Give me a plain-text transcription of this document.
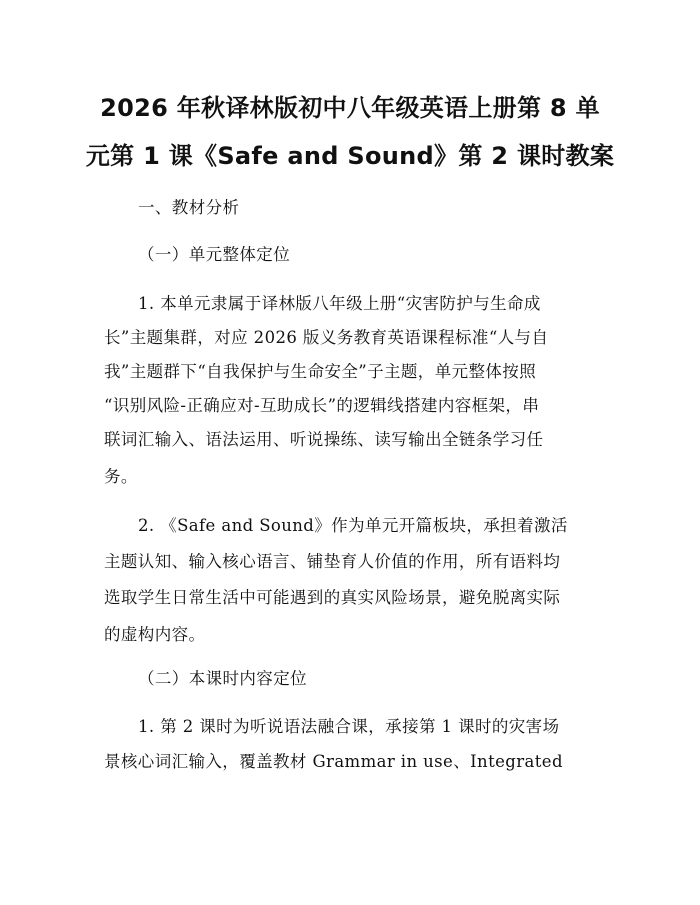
2026 年秋译林版初中八年级英语上册第 8 单
元第 1 课《Safe and Sound》第 2 课时教案
一、教材分析
（一）单元整体定位
1. 本单元隶属于译林版八年级上册“灾害防护与生命成
长”主题集群，对应 2026 版义务教育英语课程标准“人与自
我”主题群下“自我保护与生命安全”子主题，单元整体按照
“识别风险-正确应对-互助成长”的逻辑线搭建内容框架，串
联词汇输入、语法运用、听说操练、读写输出全链条学习任
务。
2. 《Safe and Sound》作为单元开篇板块，承担着激活
主题认知、输入核心语言、铺垫育人价值的作用，所有语料均
选取学生日常生活中可能遇到的真实风险场景，避免脱离实际
的虚构内容。
（二）本课时内容定位
1. 第 2 课时为听说语法融合课，承接第 1 课时的灾害场
景核心词汇输入，覆盖教材 Grammar in use、Integrated
